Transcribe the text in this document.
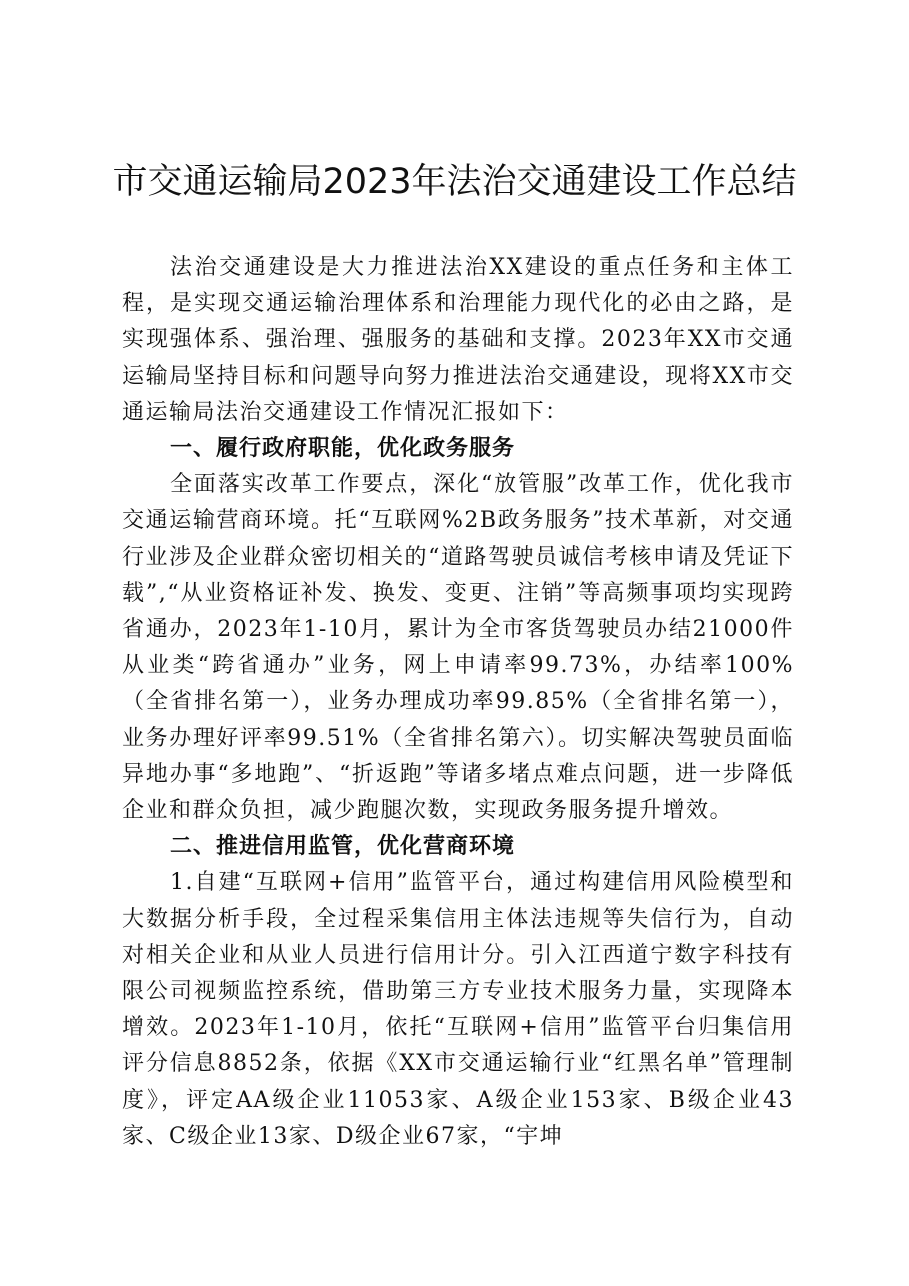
市交通运输局2023年法治交通建设工作总结

法治交通建设是大力推进法治XX建设的重点任务和主体工程，是实现交通运输治理体系和治理能力现代化的必由之路，是实现强体系、强治理、强服务的基础和支撑。2023年XX市交通运输局坚持目标和问题导向努力推进法治交通建设，现将XX市交通运输局法治交通建设工作情况汇报如下：

一、履行政府职能，优化政务服务

全面落实改革工作要点，深化“放管服”改革工作，优化我市交通运输营商环境。托“互联网%2B政务服务”技术革新，对交通行业涉及企业群众密切相关的“道路驾驶员诚信考核申请及凭证下载”,“从业资格证补发、换发、变更、注销”等高频事项均实现跨省通办，2023年1-10月，累计为全市客货驾驶员办结21000件从业类“跨省通办”业务，网上申请率99.73%，办结率100%（全省排名第一），业务办理成功率99.85%（全省排名第一），业务办理好评率99.51%（全省排名第六）。切实解决驾驶员面临异地办事“多地跑”、“折返跑”等诸多堵点难点问题，进一步降低企业和群众负担，减少跑腿次数，实现政务服务提升增效。

二、推进信用监管，优化营商环境

1.自建“互联网+信用”监管平台，通过构建信用风险模型和大数据分析手段，全过程采集信用主体法违规等失信行为，自动对相关企业和从业人员进行信用计分。引入江西道宁数字科技有限公司视频监控系统，借助第三方专业技术服务力量，实现降本增效。2023年1-10月，依托“互联网+信用”监管平台归集信用评分信息8852条，依据《XX市交通运输行业“红黑名单”管理制度》，评定AA级企业11053家、A级企业153家、B级企业43家、C级企业13家、D级企业67家，“宇坤
